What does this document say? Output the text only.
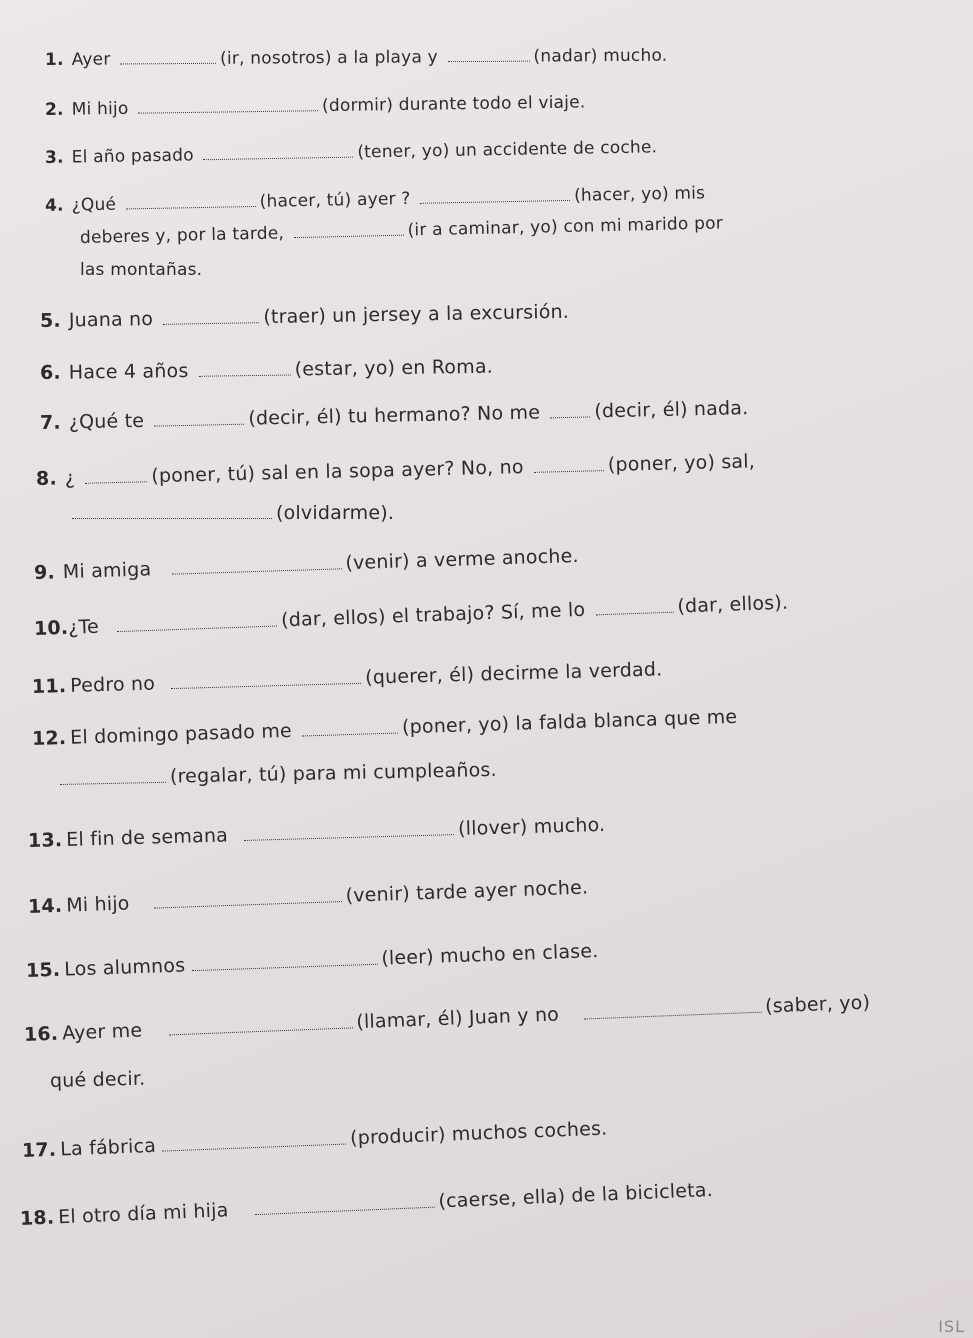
1. Ayer	(ir, nosotros) a la playa y	(nadar) mucho.
2. Mi hijo	(dormir) durante todo el viaje.
3. El año pasado	(tener, yo) un accidente de coche.
4. ¿Qué	(hacer, tú) ayer ?	(hacer, yo) mis
deberes y, por la tarde,	(ir a caminar, yo) con mi marido por
las montañas.
5. Juana no	(traer) un jersey a la excursión.
6. Hace 4 años	(estar, yo) en Roma.
7. ¿Qué te	(decir, él) tu hermano? No me	(decir, él) nada.
8. ¿	(poner, tú) sal en la sopa ayer? No, no	(poner, yo) sal,
(olvidarme).
9. Mi amiga	(venir) a verme anoche.
10.¿Te	(dar, ellos) el trabajo? Sí, me lo	(dar, ellos).
11. Pedro no	(querer, él) decirme la verdad.
12. El domingo pasado me	(poner, yo) la falda blanca que me
(regalar, tú) para mi cumpleaños.
13. El fin de semana	(llover) mucho.
14. Mi hijo	(venir) tarde ayer noche.
15. Los alumnos	(leer) mucho en clase.
16. Ayer me	(llamar, él) Juan y no	(saber, yo)
qué decir.
17. La fábrica	(producir) muchos coches.
18. El otro día mi hija (caerse, ella) de la bicicleta.
ISL
